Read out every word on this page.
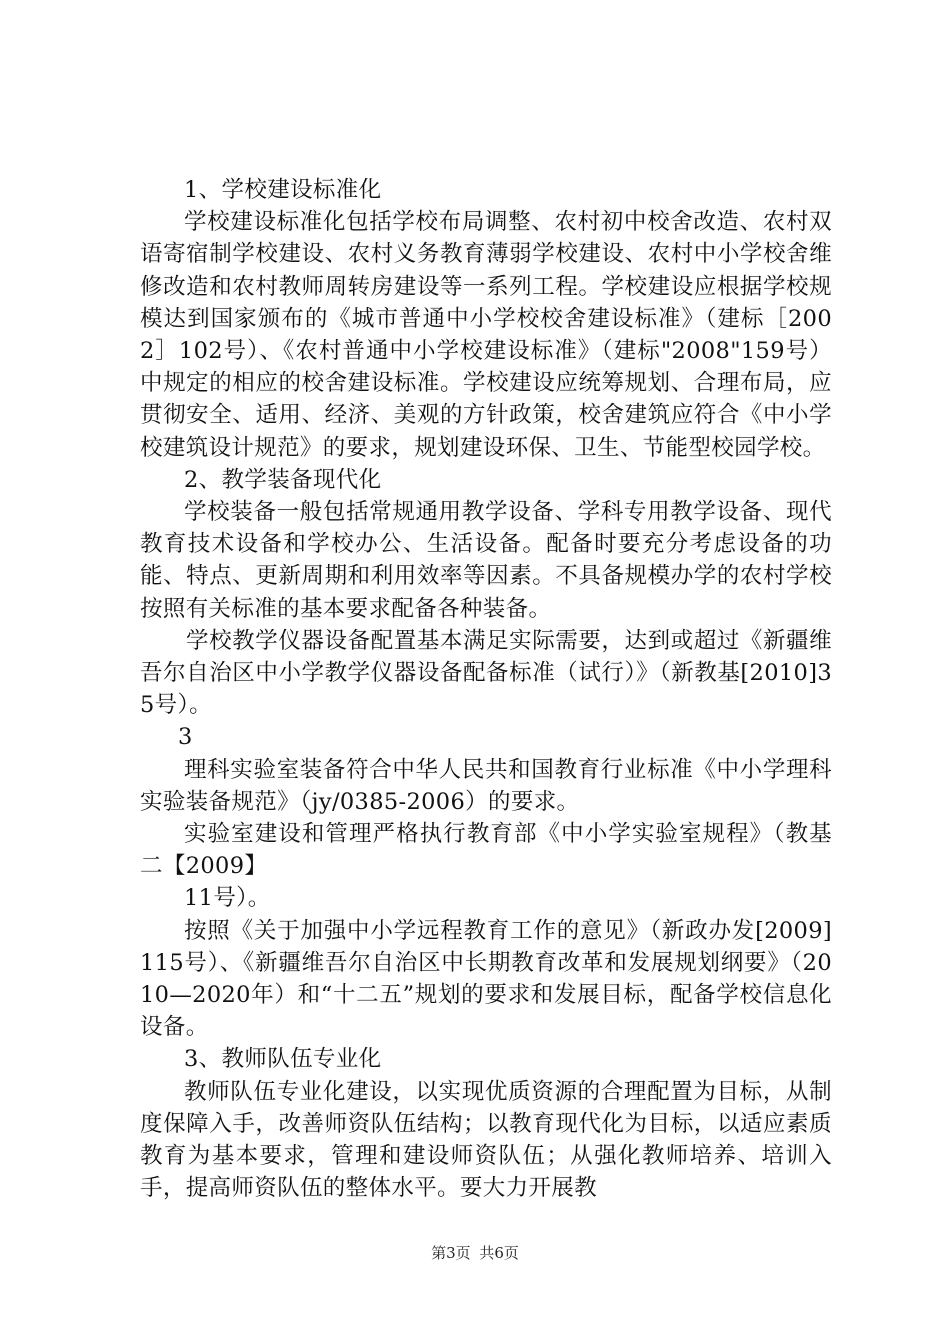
1、学校建设标准化

学校建设标准化包括学校布局调整、农村初中校舍改造、农村双语寄宿制学校建设、农村义务教育薄弱学校建设、农村中小学校舍维修改造和农村教师周转房建设等一系列工程。学校建设应根据学校规模达到国家颁布的《城市普通中小学校校舍建设标准》（建标［2002］102号）、《农村普通中小学校建设标准》（建标"2008"159号）中规定的相应的校舍建设标准。学校建设应统筹规划、合理布局，应贯彻安全、适用、经济、美观的方针政策，校舍建筑应符合《中小学校建筑设计规范》的要求，规划建设环保、卫生、节能型校园学校。

2、教学装备现代化

学校装备一般包括常规通用教学设备、学科专用教学设备、现代教育技术设备和学校办公、生活设备。配备时要充分考虑设备的功能、特点、更新周期和利用效率等因素。不具备规模办学的农村学校按照有关标准的基本要求配备各种装备。

学校教学仪器设备配置基本满足实际需要，达到或超过《新疆维吾尔自治区中小学教学仪器设备配备标准（试行）》（新教基[2010]35号）。

3

理科实验室装备符合中华人民共和国教育行业标准《中小学理科实验装备规范》（jy/0385-2006）的要求。

实验室建设和管理严格执行教育部《中小学实验室规程》（教基二【2009】

11号）。

按照《关于加强中小学远程教育工作的意见》（新政办发[2009]115号）、《新疆维吾尔自治区中长期教育改革和发展规划纲要》（2010—2020年）和“十二五”规划的要求和发展目标，配备学校信息化设备。

3、教师队伍专业化

教师队伍专业化建设，以实现优质资源的合理配置为目标，从制度保障入手，改善师资队伍结构；以教育现代化为目标，以适应素质教育为基本要求，管理和建设师资队伍；从强化教师培养、培训入手，提高师资队伍的整体水平。要大力开展教

第3页 共6页
